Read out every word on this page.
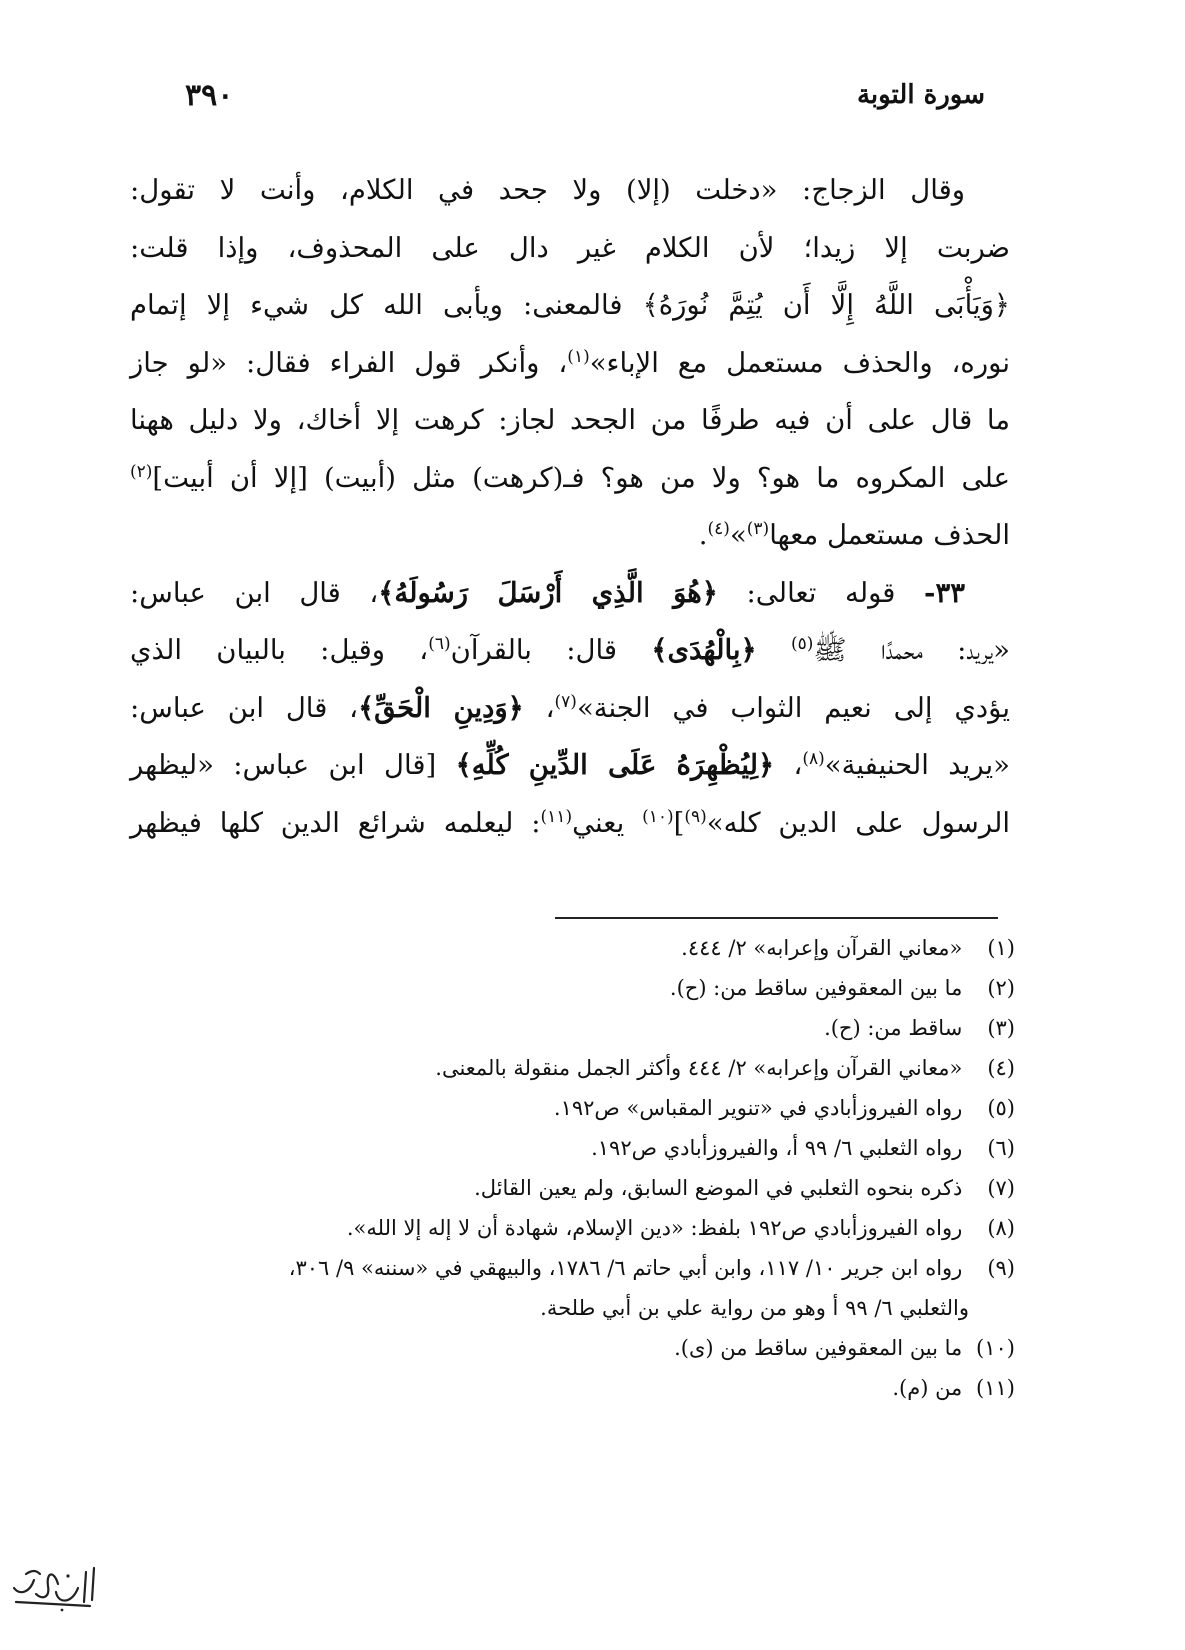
٣٩٠	سورة التوبة
وقال الزجاج: «دخلت (إلا) ولا جحد في الكلام، وأنت لا تقول:
ضربت إلا زيدا؛ لأن الكلام غير دال على المحذوف، وإذا قلت:
﴿وَيَأْبَى اللَّهُ إِلَّا أَن يُتِمَّ نُورَهُ﴾ فالمعنى: ويأبى الله كل شيء إلا إتمام
نوره، والحذف مستعمل مع الإباء»$^{(١)}$، وأنكر قول الفراء فقال: «لو جاز
ما قال على أن فيه طرفًا من الجحد لجاز: كرهت إلا أخاك، ولا دليل ههنا
على المكروه ما هو؟ ولا من هو؟ فـ(كرهت) مثل (أبيت) [إلا أن أبيت]$^{(٢)}$
الحذف مستعمل معها$^{(٣)}$»$^{(٤)}$.
٣٣- قوله تعالى: ﴿هُوَ الَّذِي أَرْسَلَ رَسُولَهُ﴾، قال ابن عباس:
«يريد: محمدًا ﷺ$^{(٥)}$ ﴿بِالْهُدَى﴾ قال: بالقرآن$^{(٦)}$، وقيل: بالبيان الذي
يؤدي إلى نعيم الثواب في الجنة»$^{(٧)}$، ﴿وَدِينِ الْحَقِّ﴾، قال ابن عباس:
«يريد الحنيفية»$^{(٨)}$، ﴿لِيُظْهِرَهُ عَلَى الدِّينِ كُلِّهِ﴾ [قال ابن عباس: «ليظهر
الرسول على الدين كله»$^{(٩)}$]$^{(١٠)}$ يعني$^{(١١)}$: ليعلمه شرائع الدين كلها فيظهر
(١) «معاني القرآن وإعرابه» ٢/ ٤٤٤.
(٢) ما بين المعقوفين ساقط من: (ح).
(٣) ساقط من: (ح).
(٤) «معاني القرآن وإعرابه» ٢/ ٤٤٤ وأكثر الجمل منقولة بالمعنى.
(٥) رواه الفيروزأبادي في «تنوير المقباس» ص١٩٢.
(٦) رواه الثعلبي ٦/ ٩٩ أ، والفيروزأبادي ص١٩٢.
(٧) ذكره بنحوه الثعلبي في الموضع السابق، ولم يعين القائل.
(٨) رواه الفيروزأبادي ص١٩٢ بلفظ: «دين الإسلام، شهادة أن لا إله إلا الله».
(٩) رواه ابن جرير ١٠/ ١١٧، وابن أبي حاتم ٦/ ١٧٨٦، والبيهقي في «سننه» ٩/ ٣٠٦،
والثعلبي ٦/ ٩٩ أ وهو من رواية علي بن أبي طلحة.
(١٠) ما بين المعقوفين ساقط من (ى).
(١١) من (م).
